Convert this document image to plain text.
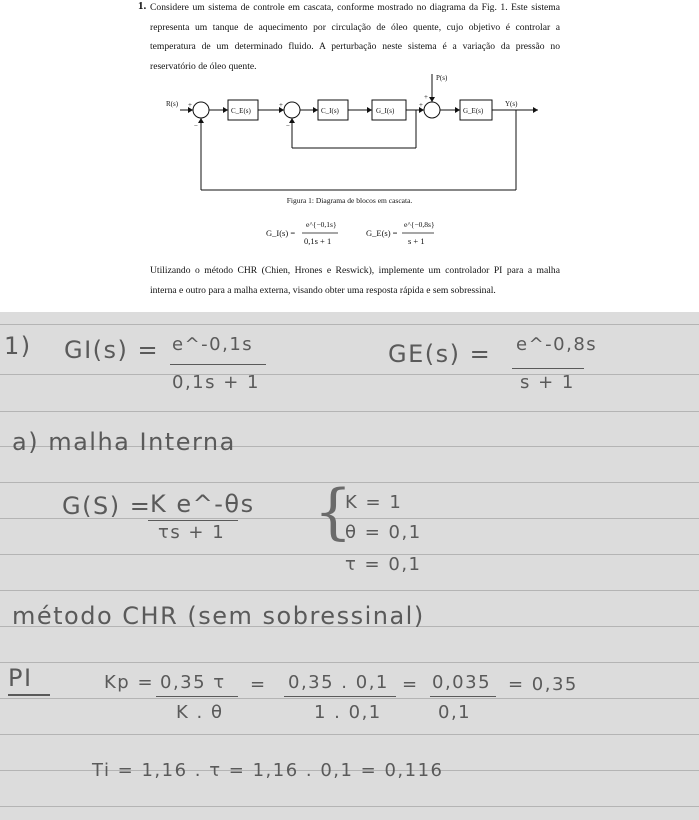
1. Considere um sistema de controle em cascata, conforme mostrado no diagrama da Fig. 1. Este sistema representa um tanque de aquecimento por circulação de óleo quente, cujo objetivo é controlar a temperatura de um determinado fluido. A perturbação neste sistema é a variação da pressão no reservatório de óleo quente.
C_E(s)	C_I(s)	G_I(s)	G_E(s)
R(s)	Y(s)
P(s)
+
−
+
−
+
+
Figura 1: Diagrama de blocos em cascata.
G_I(s) =
e^{−0,1s}
0,1s + 1
G_E(s) =
e^{−0,8s}
s + 1
Utilizando o método CHR (Chien, Hrones e Reswick), implemente um controlador PI para a malha interna e outro para a malha externa, visando obter uma resposta rápida e sem sobressinal.
1) GI(s) = e^-0,1s
0,1s + 1
GE(s) = e^-0,8s
s + 1
a) malha Interna
G(S) =
K e^-θs
τs + 1 {
K = 1
θ = 0,1
τ = 0,1
método CHR (sem sobressinal)
PI	Kp = 0,35 τ
K . θ
= 0,35 . 0,1
1 . 0,1
= 0,035
0,1
= 0,35
Ti = 1,16 . τ = 1,16 . 0,1 = 0,116
